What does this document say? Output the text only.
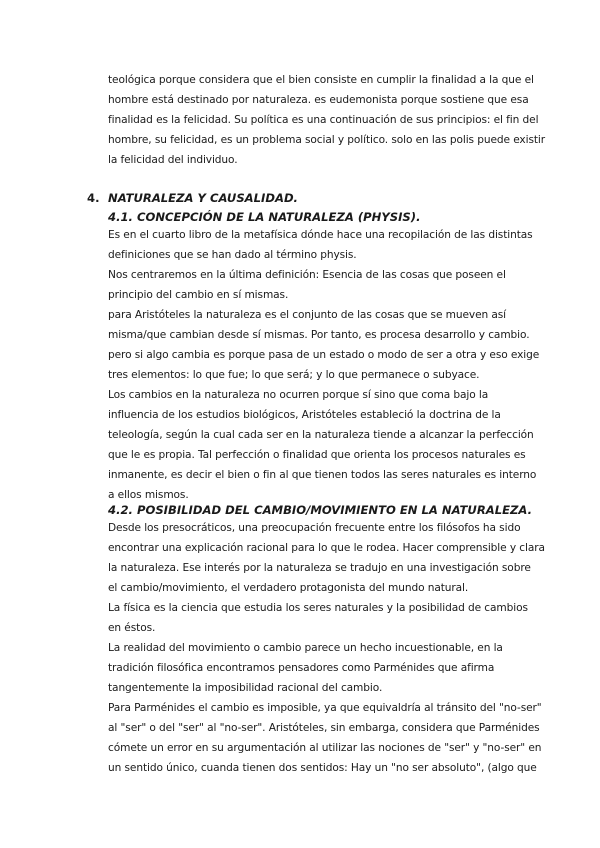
teológica porque considera que el bien consiste en cumplir la finalidad a la que el
hombre está destinado por naturaleza. es eudemonista porque sostiene que esa
finalidad es la felicidad. Su política es una continuación de sus principios: el fin del
hombre, su felicidad, es un problema social y político. solo en las polis puede existir
la felicidad del individuo.
4. NATURALEZA Y CAUSALIDAD.
4.1. CONCEPCIÓN DE LA NATURALEZA (PHYSIS).
Es en el cuarto libro de la metafísica dónde hace una recopilación de las distintas
definiciones que se han dado al término physis.
Nos centraremos en la última definición: Esencia de las cosas que poseen el
principio del cambio en sí mismas.
para Aristóteles la naturaleza es el conjunto de las cosas que se mueven así
misma/que cambian desde sí mismas. Por tanto, es procesa desarrollo y cambio.
pero si algo cambia es porque pasa de un estado o modo de ser a otra y eso exige
tres elementos: lo que fue; lo que será; y lo que permanece o subyace.
Los cambios en la naturaleza no ocurren porque sí sino que coma bajo la
influencia de los estudios biológicos, Aristóteles estableció la doctrina de la
teleología, según la cual cada ser en la naturaleza tiende a alcanzar la perfección
que le es propia. Tal perfección o finalidad que orienta los procesos naturales es
inmanente, es decir el bien o fin al que tienen todos las seres naturales es interno
a ellos mismos.
4.2. POSIBILIDAD DEL CAMBIO/MOVIMIENTO EN LA NATURALEZA.
Desde los presocráticos, una preocupación frecuente entre los filósofos ha sido
encontrar una explicación racional para lo que le rodea. Hacer comprensible y clara
la naturaleza. Ese interés por la naturaleza se tradujo en una investigación sobre
el cambio/movimiento, el verdadero protagonista del mundo natural.
La física es la ciencia que estudia los seres naturales y la posibilidad de cambios
en éstos.
La realidad del movimiento o cambio parece un hecho incuestionable, en la
tradición filosófica encontramos pensadores como Parménides que afirma
tangentemente la imposibilidad racional del cambio.
Para Parménides el cambio es imposible, ya que equivaldría al tránsito del "no-ser"
al "ser" o del "ser" al "no-ser". Aristóteles, sin embarga, considera que Parménides
cómete un error en su argumentación al utilizar las nociones de "ser" y "no-ser" en
un sentido único, cuanda tienen dos sentidos: Hay un "no ser absoluto", (algo que
